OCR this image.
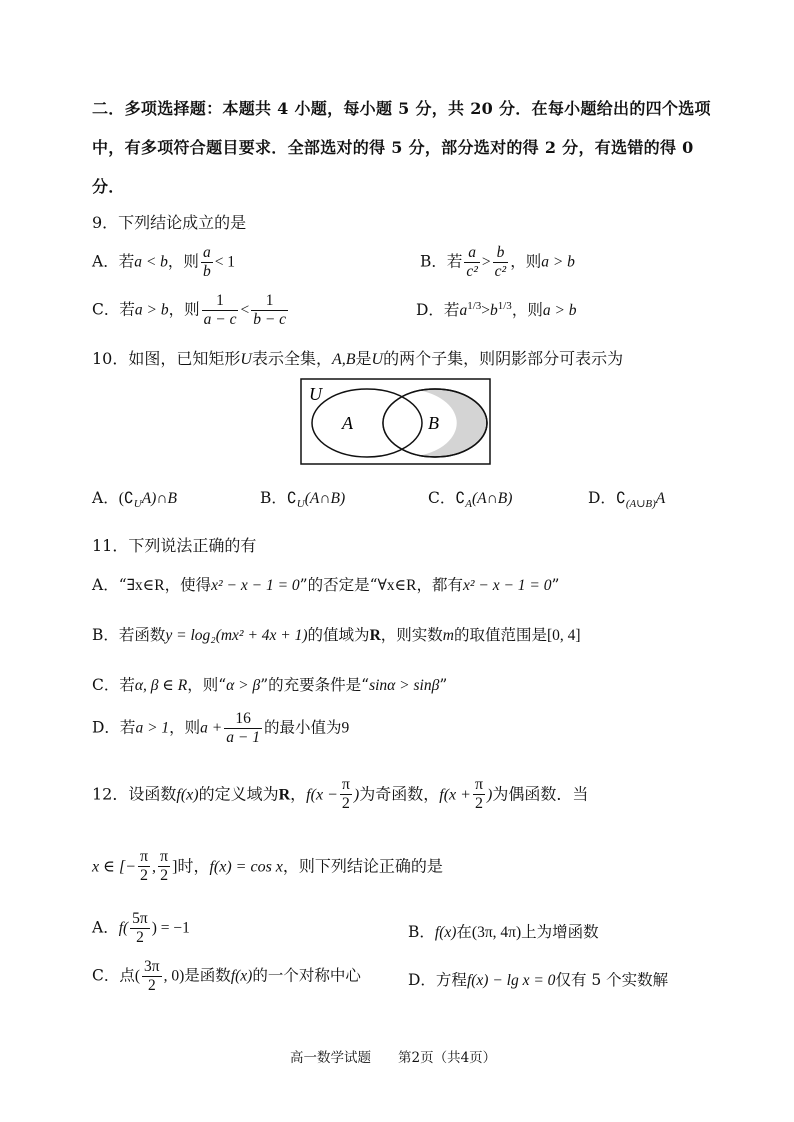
二．多项选择题：本题共 4 小题，每小题 5 分，共 20 分．在每小题给出的四个选项
中，有多项符合题目要求．全部选对的得 5 分，部分选对的得 2 分，有选错的得 0
分．
9．下列结论成立的是
A．若a < b，则 $\frac{a}{b} < 1$	B．若 $\frac{a}{\text{c²}} > \frac{b}{\text{c²}}$ ，则a > b
C．若a > b，则 $\frac{1}{a - c} < \frac{1}{b - c}$	D．若$a^{1/3}>b^{1/3}$，则a > b
10．如图，已知矩形U表示全集，A,B是U的两个子集，则阴影部分可表示为
U
A	B
A．$(∁_UA)\cap B$	B．$∁_U(A\cap B)$	C．$∁_A(A\cap B)$	D．$∁_{(A\cup B)}A$
11．下列说法正确的有
A．“∃x∈R，使得x² − x − 1 = 0”的否定是“∀x∈R，都有x² − x − 1 = 0”
B．若函数y = log₂(mx² + 4x + 1)的值域为R，则实数m的取值范围是[0, 4]
C．若α, β ∈ R，则“α > β”的充要条件是“sinα > sinβ”
D．若a > 1，则$a + \frac{16}{a - 1}$ 的最小值为9
12．设函数f(x)的定义域为R，$f(x - \frac{\pi}{2}$ )为奇函数，$f(x + \frac{\pi}{2}$ )为偶函数．当
x ∈ [− $\frac{\pi}{2}$ , $\frac{\pi}{2}$ ]时，f(x) = cos x，则下列结论正确的是
A．$f( \frac{5\pi}{2}$ ) = −1	B．f(x)在(3π, 4π)上为增函数
C．点( $\frac{3\pi}{2}$ , 0)是函数f(x)的一个对称中心	D．方程f(x) − lg x = 0仅有 5 个实数解
高一数学试题　　第2页（共4页）
